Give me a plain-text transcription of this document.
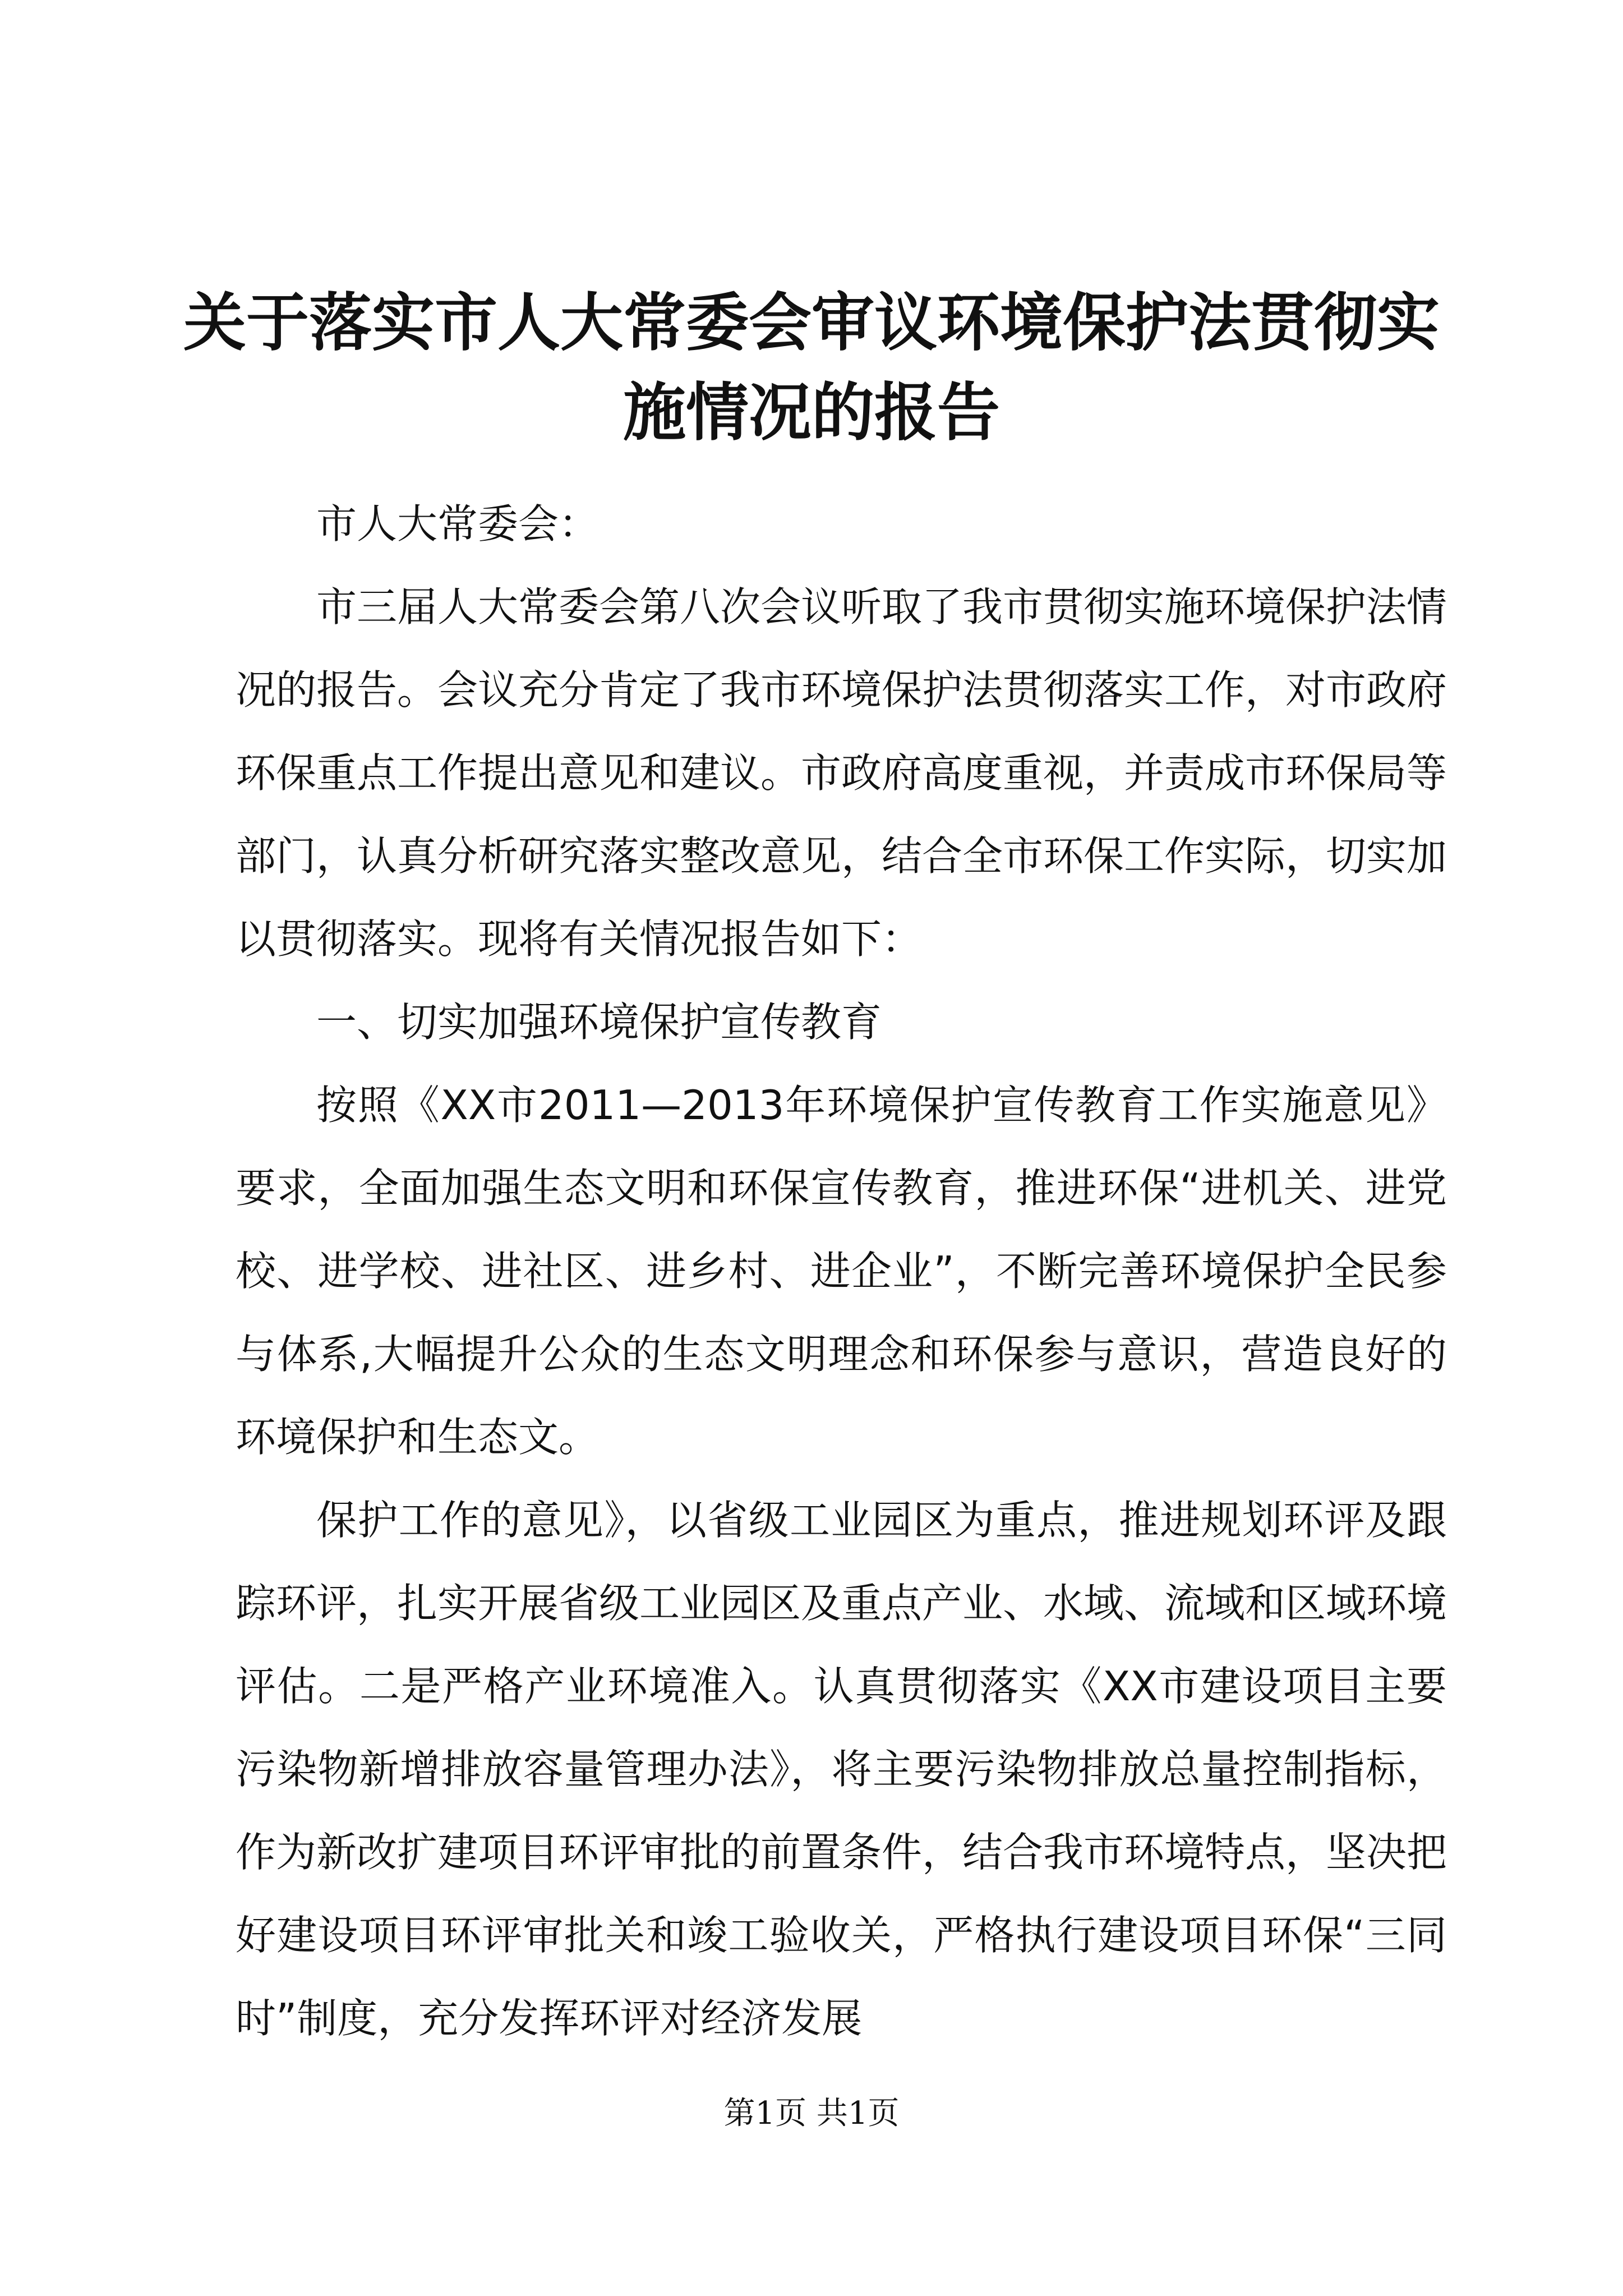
关于落实市人大常委会审议环境保护法贯彻实
施情况的报告

市人大常委会：

市三届人大常委会第八次会议听取了我市贯彻实施环境保护法情况的报告。会议充分肯定了我市环境保护法贯彻落实工作，对市政府环保重点工作提出意见和建议。市政府高度重视，并责成市环保局等部门，认真分析研究落实整改意见，结合全市环保工作实际，切实加以贯彻落实。现将有关情况报告如下：

一、切实加强环境保护宣传教育

按照《XX市2011—2013年环境保护宣传教育工作实施意见》要求，全面加强生态文明和环保宣传教育，推进环保“进机关、进党校、进学校、进社区、进乡村、进企业”，不断完善环境保护全民参与体系,大幅提升公众的生态文明理念和环保参与意识，营造良好的环境保护和生态文。

保护工作的意见》，以省级工业园区为重点，推进规划环评及跟踪环评，扎实开展省级工业园区及重点产业、水域、流域和区域环境评估。二是严格产业环境准入。认真贯彻落实《XX市建设项目主要污染物新增排放容量管理办法》，将主要污染物排放总量控制指标，作为新改扩建项目环评审批的前置条件，结合我市环境特点，坚决把好建设项目环评审批关和竣工验收关，严格执行建设项目环保“三同时”制度，充分发挥环评对经济发展

第1页 共1页
